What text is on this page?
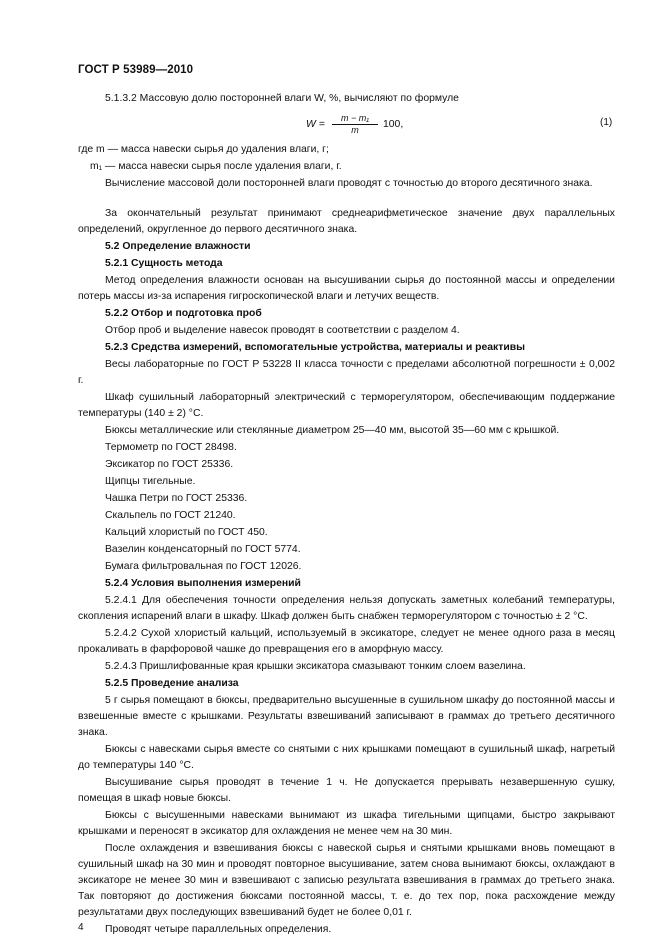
ГОСТ Р 53989—2010

5.1.3.2 Массовую долю посторонней влаги W, %, вычисляют по формуле

$W = \frac{\text{m − m₁}}{m} 100$,	(1)

где m — масса навески сырья до удаления влаги, г;

m₁ — масса навески сырья после удаления влаги, г.

Вычисление массовой доли посторонней влаги проводят с точностью до второго десятичного знака.

За окончательный результат принимают среднеарифметическое значение двух параллельных определений, округленное до первого десятичного знака.

5.2 Определение влажности

5.2.1 Сущность метода

Метод определения влажности основан на высушивании сырья до постоянной массы и определении потерь массы из-за испарения гигроскопической влаги и летучих веществ.

5.2.2 Отбор и подготовка проб

Отбор проб и выделение навесок проводят в соответствии с разделом 4.

5.2.3 Средства измерений, вспомогательные устройства, материалы и реактивы

Весы лабораторные по ГОСТ Р 53228 II класса точности с пределами абсолютной погрешности ± 0,002 г.

Шкаф сушильный лабораторный электрический с терморегулятором, обеспечивающим поддержание температуры (140 ± 2) °С.

Бюксы металлические или стеклянные диаметром 25—40 мм, высотой 35—60 мм с крышкой.

Термометр по ГОСТ 28498.

Эксикатор по ГОСТ 25336.

Щипцы тигельные.

Чашка Петри по ГОСТ 25336.

Скальпель по ГОСТ 21240.

Кальций хлористый по ГОСТ 450.

Вазелин конденсаторный по ГОСТ 5774.

Бумага фильтровальная по ГОСТ 12026.

5.2.4 Условия выполнения измерений

5.2.4.1 Для обеспечения точности определения нельзя допускать заметных колебаний температуры, скопления испарений влаги в шкафу. Шкаф должен быть снабжен терморегулятором с точностью ± 2 °С.

5.2.4.2 Сухой хлористый кальций, используемый в эксикаторе, следует не менее одного раза в месяц прокаливать в фарфоровой чашке до превращения его в аморфную массу.

5.2.4.3 Пришлифованные края крышки эксикатора смазывают тонким слоем вазелина.

5.2.5 Проведение анализа

5 г сырья помещают в бюксы, предварительно высушенные в сушильном шкафу до постоянной массы и взвешенные вместе с крышками. Результаты взвешиваний записывают в граммах до третьего десятичного знака.

Бюксы с навесками сырья вместе со снятыми с них крышками помещают в сушильный шкаф, нагретый до температуры 140 °С.

Высушивание сырья проводят в течение 1 ч. Не допускается прерывать незавершенную сушку, помещая в шкаф новые бюксы.

Бюксы с высушенными навесками вынимают из шкафа тигельными щипцами, быстро закрывают крышками и переносят в эксикатор для охлаждения не менее чем на 30 мин.

После охлаждения и взвешивания бюксы с навеской сырья и снятыми крышками вновь помещают в сушильный шкаф на 30 мин и проводят повторное высушивание, затем снова вынимают бюксы, охлаждают в эксикаторе не менее 30 мин и взвешивают с записью результата взвешивания в граммах до третьего знака. Так повторяют до достижения бюксами постоянной массы, т. е. до тех пор, пока расхождение между результатами двух последующих взвешиваний будет не более 0,01 г.

Проводят четыре параллельных определения.

4
